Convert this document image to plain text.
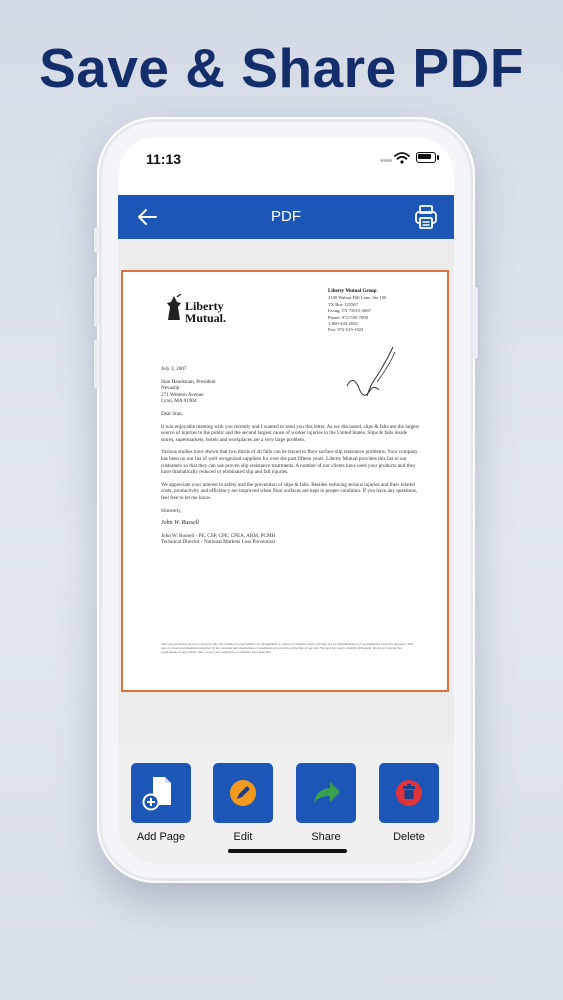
Save & Share PDF
11:13	••••
PDF
Liberty
Mutual.
Liberty Mutual Group
2100 Walnut Hill Lane, Ste 100
TX Box 125567
Irving, TX 75015-2067
Phone: 972-550-7000
1-800-443-2692
Fax: 972-515-1923

July 3, 2007

Stan Handsman, President
Nevaslip
271 Western Avenue
Lynn, MA 01904

Dear Stan,

It was enjoyable meeting with you recently and I wanted to send you this letter. As we discussed, slips & falls are the largest source of injuries to the public and the second largest cause of worker injuries in the United States. Slips & falls inside stores, supermarkets, hotels and workplaces are a very large problem.

Various studies have shown that two thirds of all falls can be traced to floor surface slip resistance problems. Your company has been on our list of well recognized suppliers for over the past fifteen years. Liberty Mutual provides this list to our customers so that they can use proven slip resistance treatments. A number of our clients have used your products and they have dramatically reduced or eliminated slip and fall injuries.

We appreciate your interest in safety and the prevention of slips & falls. Besides reducing serious injuries and their related costs, productivity and efficiency are improved when floor surfaces are kept in proper condition. If you have any questions, feel free to let me know.

Sincerely,

John W. Russell

John W. Russell - PE, CSP, CPE, CPEA, ARM, PCMH
Technical Director - National Markets Loss Prevention

This loss prevention service is advisory only. We assume no responsibility for management or control of customer safety activities nor for implementation of recommended corrective measures. This report is based on information supplied by the customer and observations of conditions and practices at the time of our visit. We have not tried to identify all hazards. We do not warrant that requirements of any federal, state, or local law, regulation or ordinance have been met.
Add Page	Edit	Share	Delete
